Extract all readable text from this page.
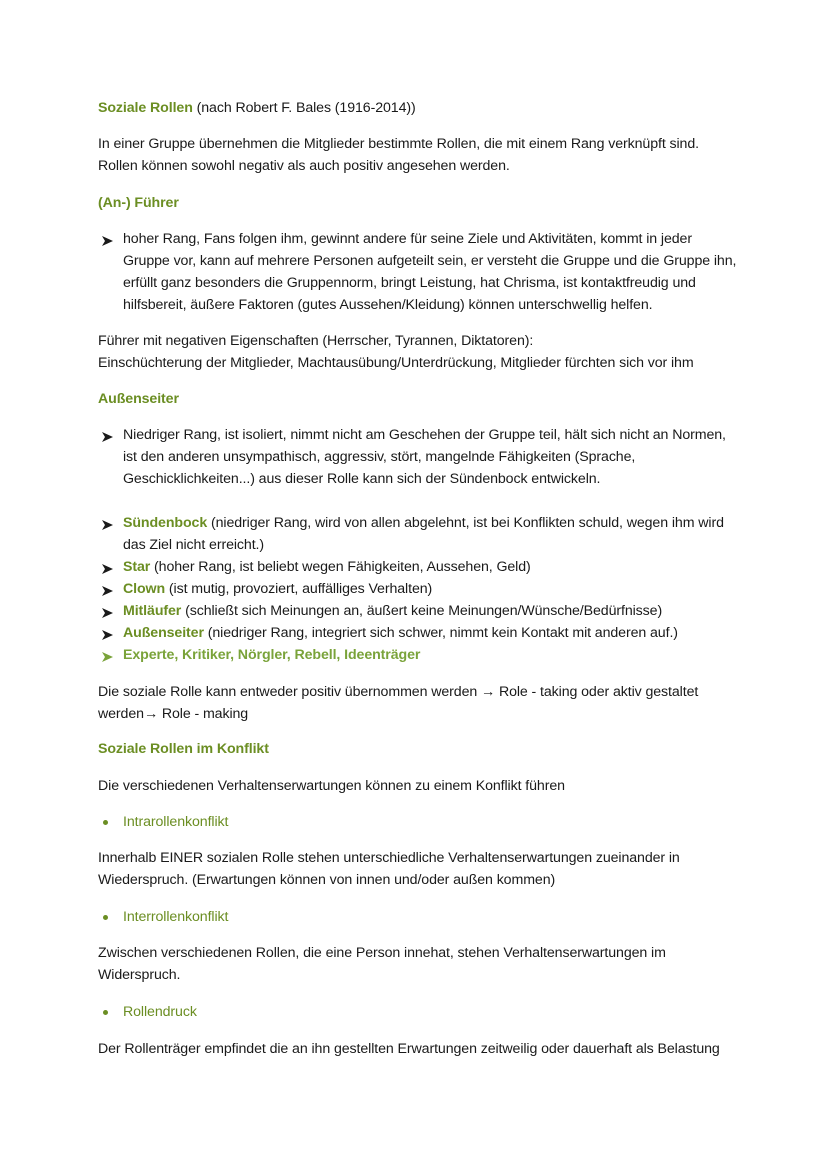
Soziale Rollen (nach Robert F. Bales (1916-2014))
In einer Gruppe übernehmen die Mitglieder bestimmte Rollen, die mit einem Rang verknüpft sind.
Rollen können sowohl negativ als auch positiv angesehen werden.
(An-) Führer
hoher Rang, Fans folgen ihm, gewinnt andere für seine Ziele und Aktivitäten, kommt in jeder
Gruppe vor, kann auf mehrere Personen aufgeteilt sein, er versteht die Gruppe und die Gruppe ihn,
erfüllt ganz besonders die Gruppennorm, bringt Leistung, hat Chrisma, ist kontaktfreudig und
hilfsbereit, äußere Faktoren (gutes Aussehen/Kleidung) können unterschwellig helfen.
Führer mit negativen Eigenschaften (Herrscher, Tyrannen, Diktatoren):
Einschüchterung der Mitglieder, Machtausübung/Unterdrückung, Mitglieder fürchten sich vor ihm
Außenseiter
Niedriger Rang, ist isoliert, nimmt nicht am Geschehen der Gruppe teil, hält sich nicht an Normen,
ist den anderen unsympathisch, aggressiv, stört, mangelnde Fähigkeiten (Sprache,
Geschicklichkeiten...) aus dieser Rolle kann sich der Sündenbock entwickeln.
Sündenbock (niedriger Rang, wird von allen abgelehnt, ist bei Konflikten schuld, wegen ihm wird
das Ziel nicht erreicht.)
Star (hoher Rang, ist beliebt wegen Fähigkeiten, Aussehen, Geld)
Clown (ist mutig, provoziert, auffälliges Verhalten)
Mitläufer (schließt sich Meinungen an, äußert keine Meinungen/Wünsche/Bedürfnisse)
Außenseiter (niedriger Rang, integriert sich schwer, nimmt kein Kontakt mit anderen auf.)
Experte, Kritiker, Nörgler, Rebell, Ideenträger
Die soziale Rolle kann entweder positiv übernommen werden → Role - taking oder aktiv gestaltet
werden→ Role - making
Soziale Rollen im Konflikt
Die verschiedenen Verhaltenserwartungen können zu einem Konflikt führen
Intrarollenkonflikt
Innerhalb EINER sozialen Rolle stehen unterschiedliche Verhaltenserwartungen zueinander in
Wiederspruch. (Erwartungen können von innen und/oder außen kommen)
Interrollenkonflikt
Zwischen verschiedenen Rollen, die eine Person innehat, stehen Verhaltenserwartungen im
Widerspruch.
Rollendruck
Der Rollenträger empfindet die an ihn gestellten Erwartungen zeitweilig oder dauerhaft als Belastung
